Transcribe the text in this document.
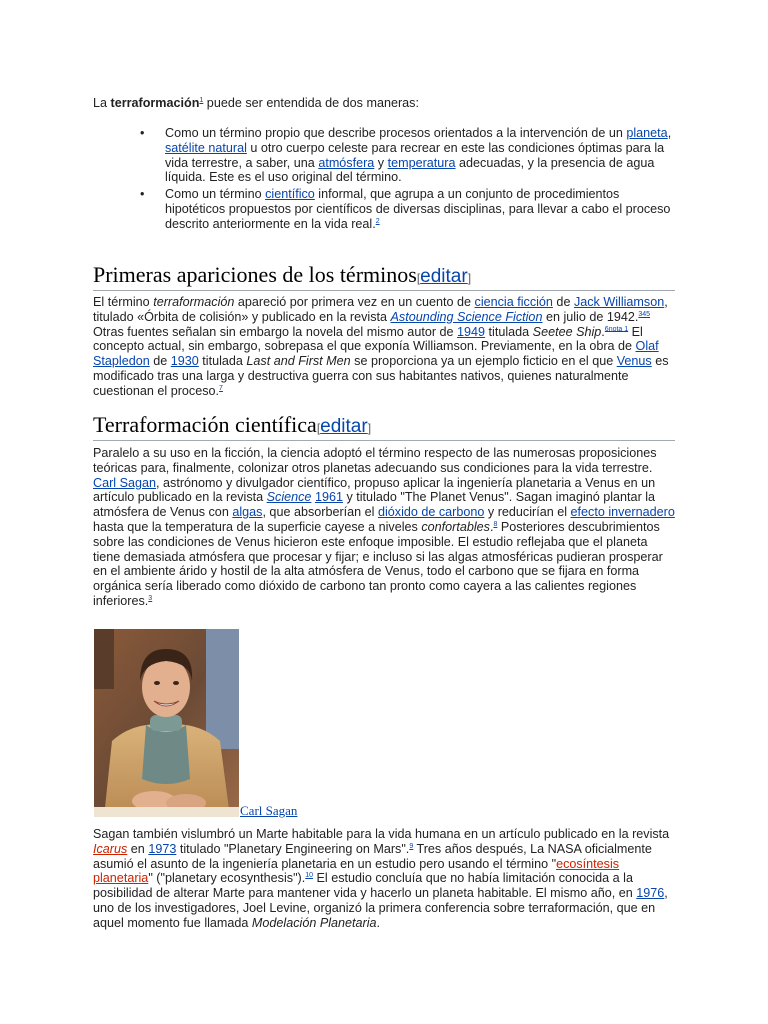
La terraformación$^1$ puede ser entendida de dos maneras:

• Como un término propio que describe procesos orientados a la intervención de un planeta, satélite natural u otro cuerpo celeste para recrear en este las condiciones óptimas para la vida terrestre, a saber, una atmósfera y temperatura adecuadas, y la presencia de agua líquida. Este es el uso original del término.
• Como un término científico informal, que agrupa a un conjunto de procedimientos hipotéticos propuestos por científicos de diversas disciplinas, para llevar a cabo el proceso descrito anteriormente en la vida real.$^2$
Primeras apariciones de los términos[editar]

El término terraformación apareció por primera vez en un cuento de ciencia ficción de Jack Williamson, titulado «Órbita de colisión» y publicado en la revista Astounding Science Fiction en julio de 1942.$^{345}$ Otras fuentes señalan sin embargo la novela del mismo autor de 1949 titulada Seetee Ship.$^{6nota 1}$ El concepto actual, sin embargo, sobrepasa el que exponía Williamson. Previamente, en la obra de Olaf Stapledon de 1930 titulada Last and First Men se proporciona ya un ejemplo ficticio en el que Venus es modificado tras una larga y destructiva guerra con sus habitantes nativos, quienes naturalmente cuestionan el proceso.$^7$

Terraformación científica[editar]

Paralelo a su uso en la ficción, la ciencia adoptó el término respecto de las numerosas proposiciones teóricas para, finalmente, colonizar otros planetas adecuando sus condiciones para la vida terrestre. Carl Sagan, astrónomo y divulgador científico, propuso aplicar la ingeniería planetaria a Venus en un artículo publicado en la revista Science 1961 y titulado "The Planet Venus". Sagan imaginó plantar la atmósfera de Venus con algas, que absorberían el dióxido de carbono y reducirían el efecto invernadero hasta que la temperatura de la superficie cayese a niveles confortables.$^8$ Posteriores descubrimientos sobre las condiciones de Venus hicieron este enfoque imposible. El estudio reflejaba que el planeta tiene demasiada atmósfera que procesar y fijar; e incluso si las algas atmosféricas pudieran prosperar en el ambiente árido y hostil de la alta atmósfera de Venus, todo el carbono que se fijara en forma orgánica sería liberado como dióxido de carbono tan pronto como cayera a las calientes regiones inferiores.$^3$

Carl Sagan

Sagan también vislumbró un Marte habitable para la vida humana en un artículo publicado en la revista Icarus en 1973 titulado "Planetary Engineering on Mars".$^9$ Tres años después, La NASA oficialmente asumió el asunto de la ingeniería planetaria en un estudio pero usando el término "ecosíntesis planetaria" ("planetary ecosynthesis").$^{10}$ El estudio concluía que no había limitación conocida a la posibilidad de alterar Marte para mantener vida y hacerlo un planeta habitable. El mismo año, en 1976, uno de los investigadores, Joel Levine, organizó la primera conferencia sobre terraformación, que en aquel momento fue llamada Modelación Planetaria.
